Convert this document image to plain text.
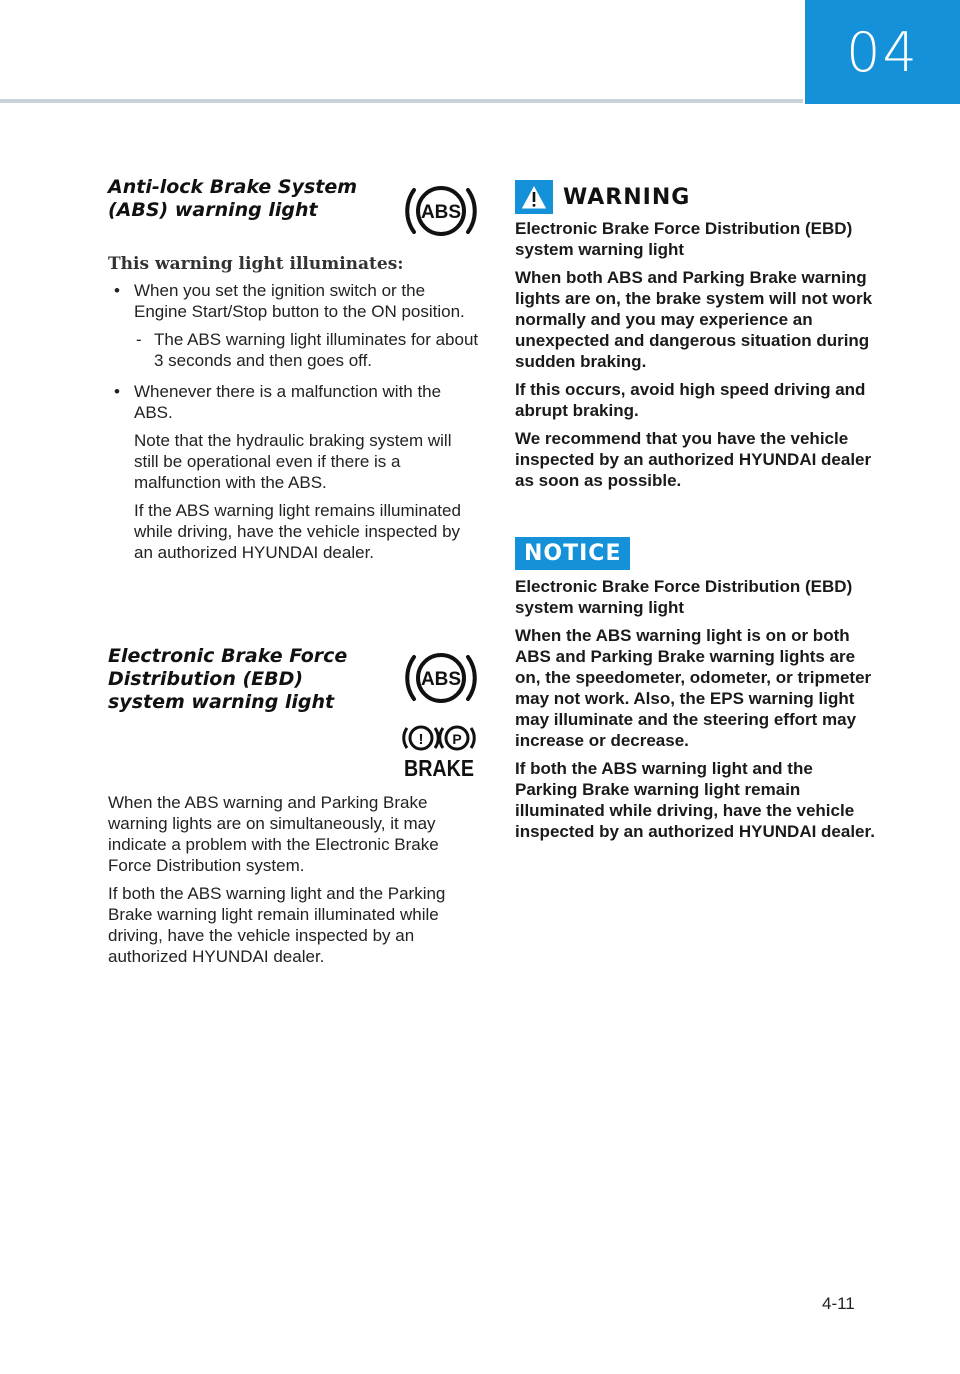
04
Anti-lock Brake System (ABS) warning light	ABS

This warning light illuminates:

• When you set the ignition switch or the Engine Start/Stop button to the ON position.

- The ABS warning light illuminates for about 3 seconds and then goes off.

• Whenever there is a malfunction with the ABS.

Note that the hydraulic braking system will still be operational even if there is a malfunction with the ABS.

If the ABS warning light remains illuminated while driving, have the vehicle inspected by an authorized HYUNDAI dealer.

Electronic Brake Force Distribution (EBD) system warning light
ABS
! P
BRAKE

When the ABS warning and Parking Brake warning lights are on simultaneously, it may indicate a problem with the Electronic Brake Force Distribution system.

If both the ABS warning light and the Parking Brake warning light remain illuminated while driving, have the vehicle inspected by an authorized HYUNDAI dealer.

WARNING

Electronic Brake Force Distribution (EBD) system warning light

When both ABS and Parking Brake warning lights are on, the brake system will not work normally and you may experience an unexpected and dangerous situation during sudden braking.

If this occurs, avoid high speed driving and abrupt braking.

We recommend that you have the vehicle inspected by an authorized HYUNDAI dealer as soon as possible.

NOTICE

Electronic Brake Force Distribution (EBD) system warning light

When the ABS warning light is on or both ABS and Parking Brake warning lights are on, the speedometer, odometer, or tripmeter may not work. Also, the EPS warning light may illuminate and the steering effort may increase or decrease.

If both the ABS warning light and the Parking Brake warning light remain illuminated while driving, have the vehicle inspected by an authorized HYUNDAI dealer.

4-11
